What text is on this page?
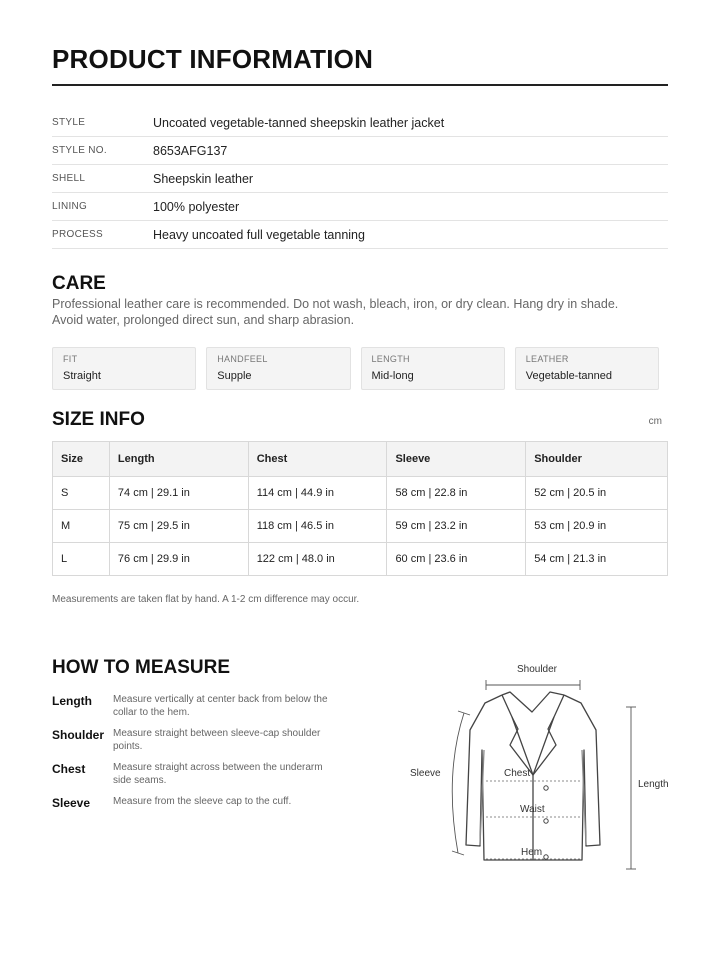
PRODUCT INFORMATION
STYLE	Uncoated vegetable-tanned sheepskin leather jacket
STYLE NO.	8653AFG137
SHELL	Sheepskin leather
LINING	100% polyester
PROCESS	Heavy uncoated full vegetable tanning
CARE
Professional leather care is recommended. Do not wash, bleach, iron, or dry clean. Hang dry in shade. Avoid water, prolonged direct sun, and sharp abrasion.
FIT
Straight
HANDFEEL
Supple
LENGTH
Mid-long
LEATHER
Vegetable-tanned
SIZE INFO	cm
Size	Length	Chest	Sleeve	Shoulder
S	74 cm | 29.1 in	114 cm | 44.9 in	58 cm | 22.8 in	52 cm | 20.5 in
M	75 cm | 29.5 in	118 cm | 46.5 in	59 cm | 23.2 in	53 cm | 20.9 in
L	76 cm | 29.9 in	122 cm | 48.0 in	60 cm | 23.6 in	54 cm | 21.3 in
Measurements are taken flat by hand. A 1-2 cm difference may occur.
HOW TO MEASURE
Length	Measure vertically at center back from below the collar to the hem.
Shoulder Measure straight between sleeve-cap shoulder points.
Chest	Measure straight across between the underarm side seams.
Sleeve	Measure from the sleeve cap to the cuff.
Shoulder
Sleeve	Chest
Waist
Hem
Length
